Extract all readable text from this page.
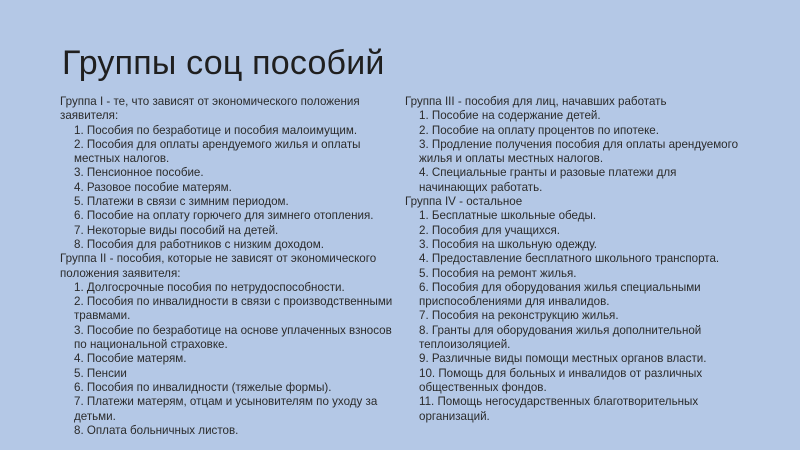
Группы соц пособий

Группа I - те, что зависят от экономического положения заявителя:

1. Пособия по безработице и пособия малоимущим.

2. Пособия для оплаты арендуемого жилья и оплаты местных налогов.

3. Пенсионное пособие.

4. Разовое пособие матерям.

5. Платежи в связи с зимним периодом.

6. Пособие на оплату горючего для зимнего отопления.

7. Некоторые виды пособий на детей.

8. Пособия для работников с низким доходом.

Группа II - пособия, которые не зависят от экономического положения заявителя:

1. Долгосрочные пособия по нетрудоспособности.

2. Пособия по инвалидности в связи с производственными травмами.

3. Пособие по безработице на основе уплаченных взносов по национальной страховке.

4. Пособие матерям.

5. Пенсии

6. Пособия по инвалидности (тяжелые формы).

7. Платежи матерям, отцам и усыновителям по уходу за детьми.

8. Оплата больничных листов.

Группа III - пособия для лиц, начавших работать

1. Пособие на содержание детей.

2. Пособие на оплату процентов по ипотеке.

3. Продление получения пособия для оплаты арендуемого жилья и оплаты местных налогов.

4. Специальные гранты и разовые платежи для начинающих работать.

Группа IV - остальное

1. Бесплатные школьные обеды.

2. Пособия для учащихся.

3. Пособия на школьную одежду.

4. Предоставление бесплатного школьного транспорта.

5. Пособия на ремонт жилья.

6. Пособия для оборудования жилья специальными приспособлениями для инвалидов.

7. Пособия на реконструкцию жилья.

8. Гранты для оборудования жилья дополнительной теплоизоляцией.

9. Различные виды помощи местных органов власти.

10. Помощь для больных и инвалидов от различных общественных фондов.

11. Помощь негосударственных благотворительных организаций.
